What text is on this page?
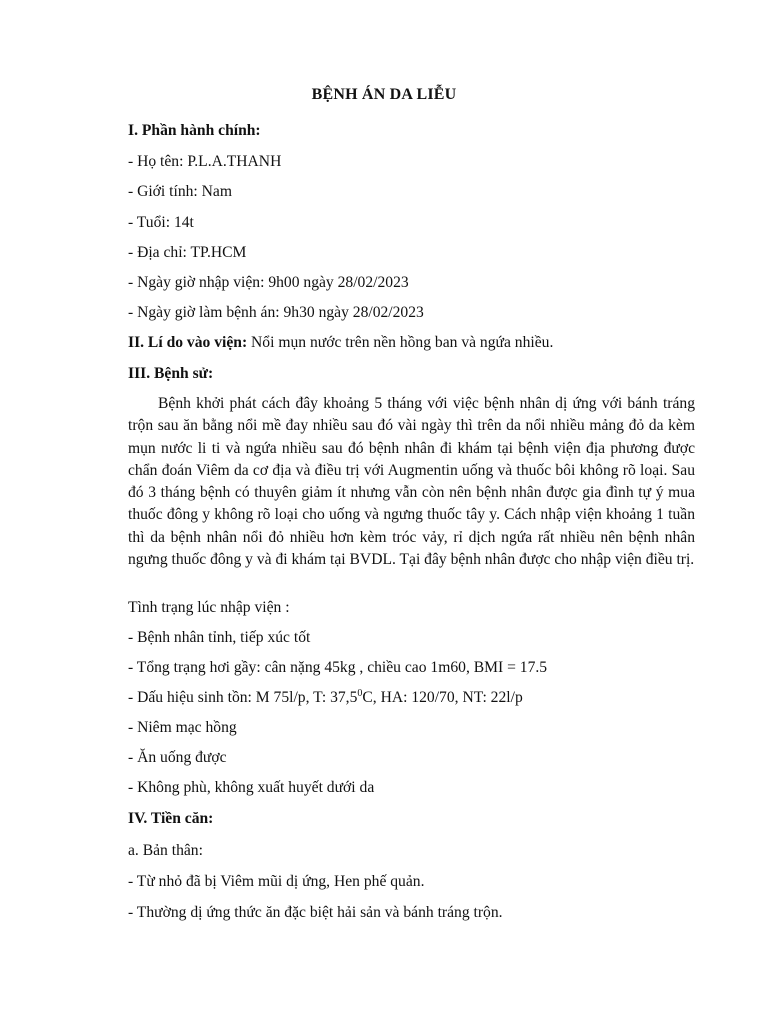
BỆNH ÁN DA LIỄU
I. Phần hành chính:
- Họ tên: P.L.A.THANH
- Giới tính: Nam
- Tuổi: 14t
- Địa chỉ: TP.HCM
- Ngày giờ nhập viện: 9h00 ngày 28/02/2023
- Ngày giờ làm bệnh án: 9h30 ngày 28/02/2023
II. Lí do vào viện: Nổi mụn nước trên nền hồng ban và ngứa nhiều.
III. Bệnh sử:
Bệnh khởi phát cách đây khoảng 5 tháng với việc bệnh nhân dị ứng với bánh tráng trộn sau ăn bằng nổi mề đay nhiều sau đó vài ngày thì trên da nổi nhiều mảng đỏ da kèm mụn nước li ti và ngứa nhiều sau đó bệnh nhân đi khám tại bệnh viện địa phương được chẩn đoán Viêm da cơ địa và điều trị với Augmentin uống và thuốc bôi không rõ loại. Sau đó 3 tháng bệnh có thuyên giảm ít nhưng vẫn còn nên bệnh nhân được gia đình tự ý mua thuốc đông y không rõ loại cho uống và ngưng thuốc tây y. Cách nhập viện khoảng 1 tuần thì da bệnh nhân nổi đỏ nhiều hơn kèm tróc vảy, rỉ dịch ngứa rất nhiều nên bệnh nhân ngưng thuốc đông y và đi khám tại BVDL. Tại đây bệnh nhân được cho nhập viện điều trị.
Tình trạng lúc nhập viện :
- Bệnh nhân tỉnh, tiếp xúc tốt
- Tổng trạng hơi gầy: cân nặng 45kg , chiều cao 1m60, BMI = 17.5
- Dấu hiệu sinh tồn: M 75l/p, T: 37,5$^0$C, HA: 120/70, NT: 22l/p
- Niêm mạc hồng
- Ăn uống được
- Không phù, không xuất huyết dưới da
IV. Tiền căn:
a. Bản thân:
- Từ nhỏ đã bị Viêm mũi dị ứng, Hen phế quản.
- Thường dị ứng thức ăn đặc biệt hải sản và bánh tráng trộn.
